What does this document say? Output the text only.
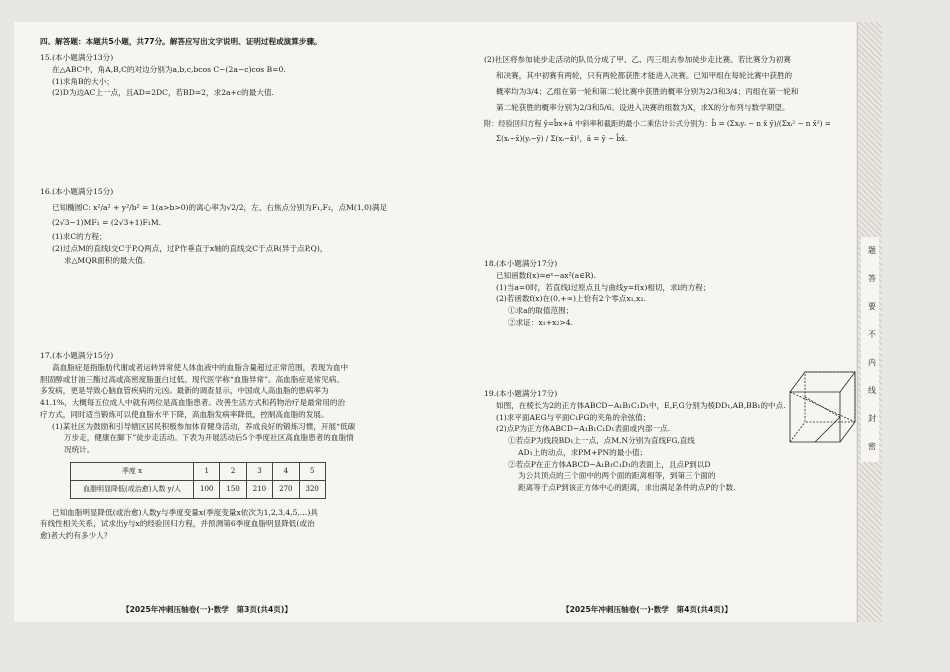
四、解答题：本题共5小题，共77分。解答应写出文字说明、证明过程或演算步骤。
15.(本小题满分13分)
在△ABC中，角A,B,C的对边分别为a,b,c,bcos C−(2a−c)cos B=0.
(1)求角B的大小；
(2)D为边AC上一点，且AD=2DC，若BD=2，求2a+c的最大值.
16.(本小题满分15分)
已知椭圆C: x²/a² + y²/b² = 1(a>b>0)的离心率为√2/2，左、右焦点分别为F₁,F₂，点M(1,0)满足
(2√3−1)MF₁ = (2√3+1)F₁M.
(1)求C的方程；
(2)过点M的直线l交C于P,Q两点，过P作垂直于x轴的直线交C于点R(异于点P,Q)，
求△MQR面积的最大值.
17.(本小题满分15分)
高血脂症是指脂肪代谢或者运转异常使人体血液中的血脂含量超过正常范围，表现为血中
胆固醇或甘油三酯过高或高密度脂蛋白过低。现代医学称“血脂异常”。高血脂症是常见病、
多发病，更是导致心脑血管疾病的元凶。最新的调查显示，中国成人高血脂的患病率为
41.1%，大概每五位成人中就有两位是高血脂患者。改善生活方式和药物治疗是最常用的治
疗方式，同时适当锻炼可以使血脂水平下降，高血脂发病率降低，控制高血脂的发展。
(1)某社区为鼓励和引导辖区居民积极参加体育健身活动，养成良好的锻炼习惯，开展“低碳
万步走，健康在脚下”徒步走活动。下表为开展活动后5个季度社区高血脂患者的血脂情
况统计。
季度 x	1	2	3	4	5
血脂明显降低(或治愈)人数 y/人	100	150	210	270	320
已知血脂明显降低(或治愈)人数y与季度变量x(季度变量x依次为1,2,3,4,5,…)具
有线性相关关系，试求出y与x的经验回归方程，并预测第6季度血脂明显降低(或治
愈)者大约有多少人？
【2025年冲刺压轴卷(一)·数学　第3页(共4页)】
(2)社区将参加徒步走活动的队员分成了甲、乙、丙三组去参加徒步走比赛。若比赛分为初赛
和决赛，其中初赛有两轮，只有两轮都获胜才能进入决赛。已知甲组在每轮比赛中获胜的
概率均为3/4；乙组在第一轮和第二轮比赛中获胜的概率分别为2/3和3/4；丙组在第一轮和
第二轮获胜的概率分别为2/3和5/6。设进入决赛的组数为X，求X的分布列与数学期望。
附：经验回归方程 ŷ=b̂x+â 中斜率和截距的最小二乘估计公式分别为：b̂ = (Σxᵢyᵢ − n x̄ ȳ)/(Σxᵢ² − n x̄²) =
Σ(xᵢ−x̄)(yᵢ−ȳ) / Σ(xᵢ−x̄)²，â = ȳ − b̂x̄.
18.(本小题满分17分)
已知函数f(x)=eˣ−ax²(a∈R).
(1)当a=0时，若直线l过原点且与曲线y=f(x)相切，求l的方程；
(2)若函数f(x)在(0,+∞)上恰有2个零点x₁,x₂.
①求a的取值范围；
②求证：x₁+x₂>4.
19.(本小题满分17分)
如图，在棱长为2的正方体ABCD−A₁B₁C₁D₁中，E,F,G分别为棱DD₁,AB,BB₁的中点.
(1)求平面AEG与平面C₁FG的夹角的余弦值；
(2)点P为正方体ABCD−A₁B₁C₁D₁表面或内部一点.
①若点P为线段BD₁上一点，点M,N分别为直线FG,直线
AD₁上的动点，求PM+PN的最小值；
②若点P在正方体ABCD−A₁B₁C₁D₁的表面上，且点P到以D
为公共顶点的三个面中的两个面的距离相等，到第三个面的
距离等于点P到该正方体中心的距离，求出满足条件的点P的个数.
【2025年冲刺压轴卷(一)·数学　第4页(共4页)】
题
答
要
不
内
线
封
密
